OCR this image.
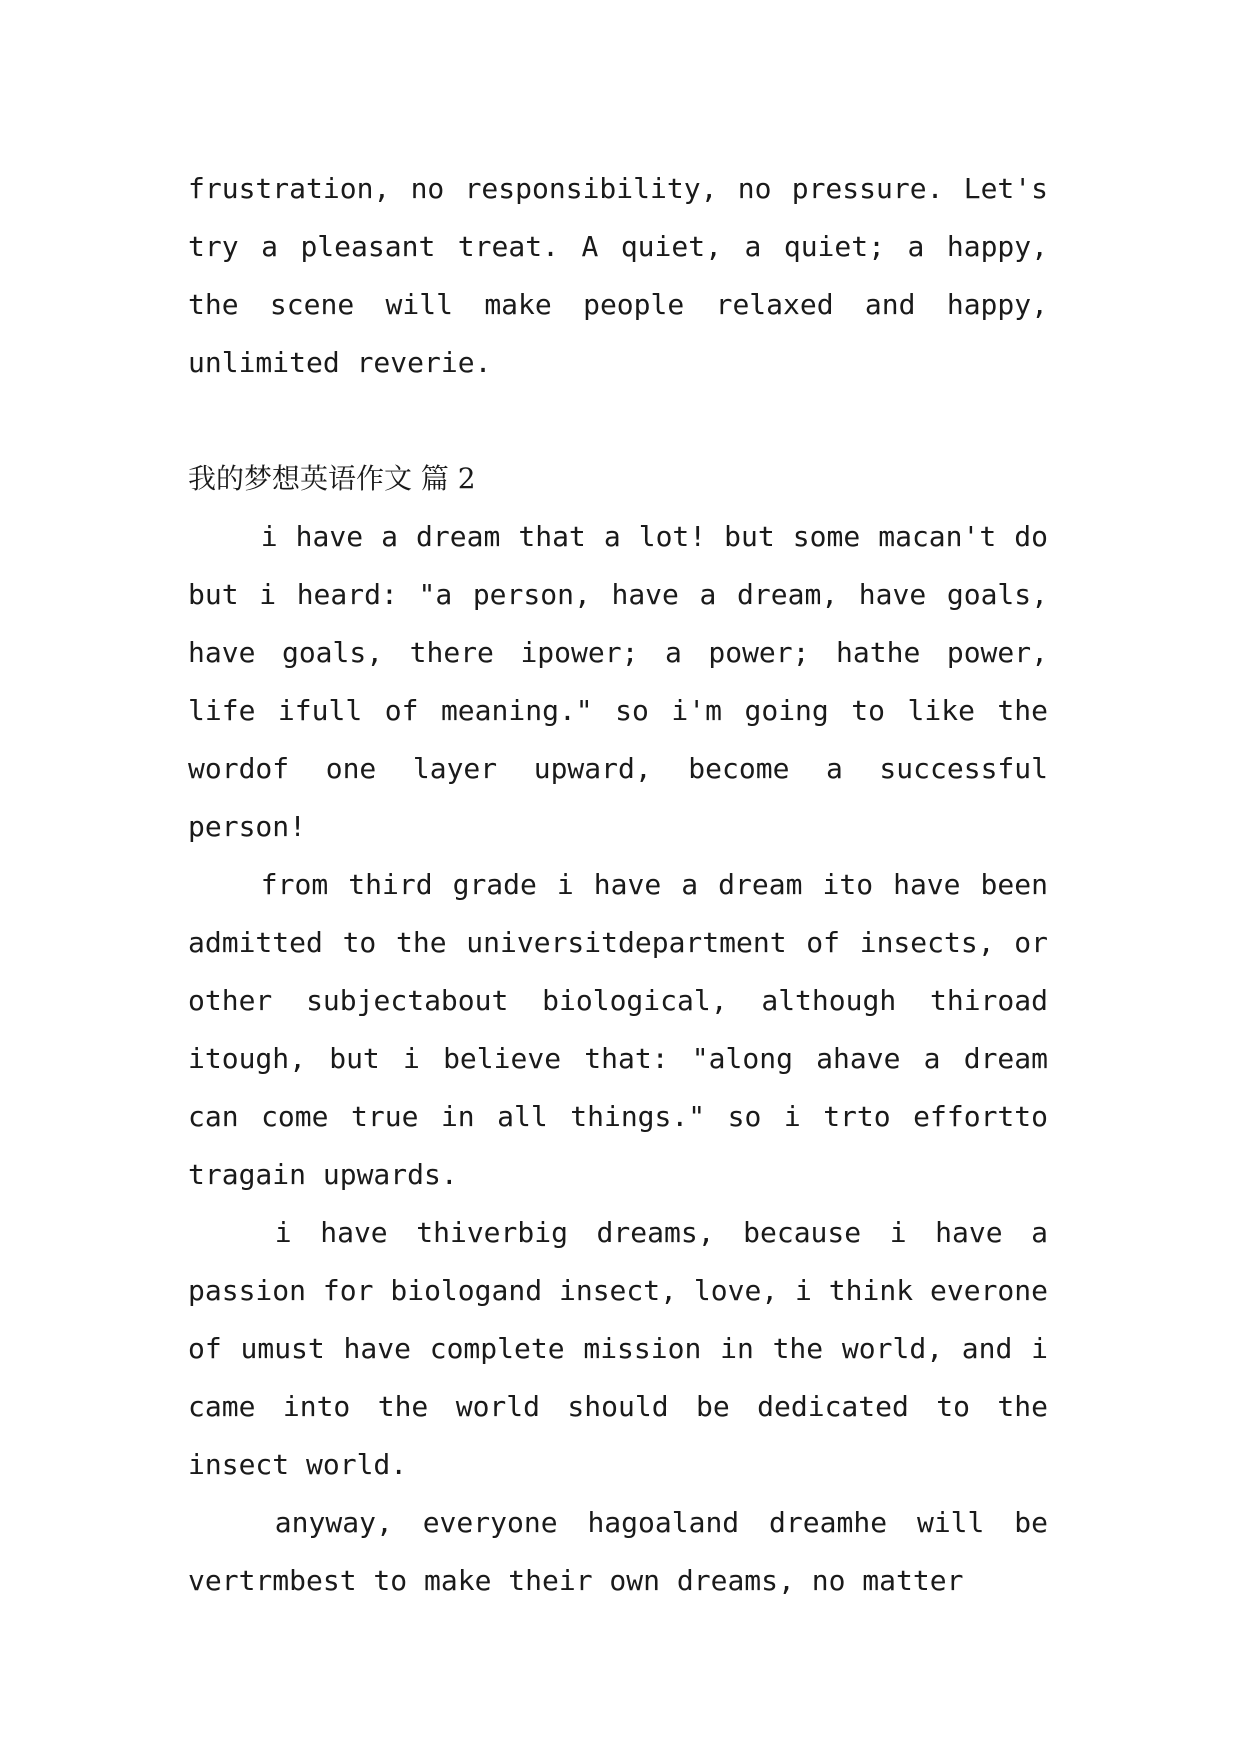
frustration, no responsibility, no pressure. Let's try a pleasant treat. A quiet, a quiet; a happy, the scene will make people relaxed and happy, unlimited reverie.

我的梦想英语作文 篇 2

i have a dream that a lot! but some macan't do but i heard: "a person, have a dream, have goals, have goals, there ipower; a power; hathe power, life ifull of meaning." so i'm going to like the wordof one layer upward, become a successful person!

from third grade i have a dream ito have been admitted to the universitdepartment of insects, or other subjectabout biological, although thiroad itough, but i believe that: "along ahave a dream can come true in all things." so i trto effortto tragain upwards.

i have thiverbig dreams, because i have a passion for biologand insect, love, i think everone of umust have complete mission in the world, and i came into the world should be dedicated to the insect world.

anyway, everyone hagoaland dreamhe will be vertrmbest to make their own dreams, no matter
